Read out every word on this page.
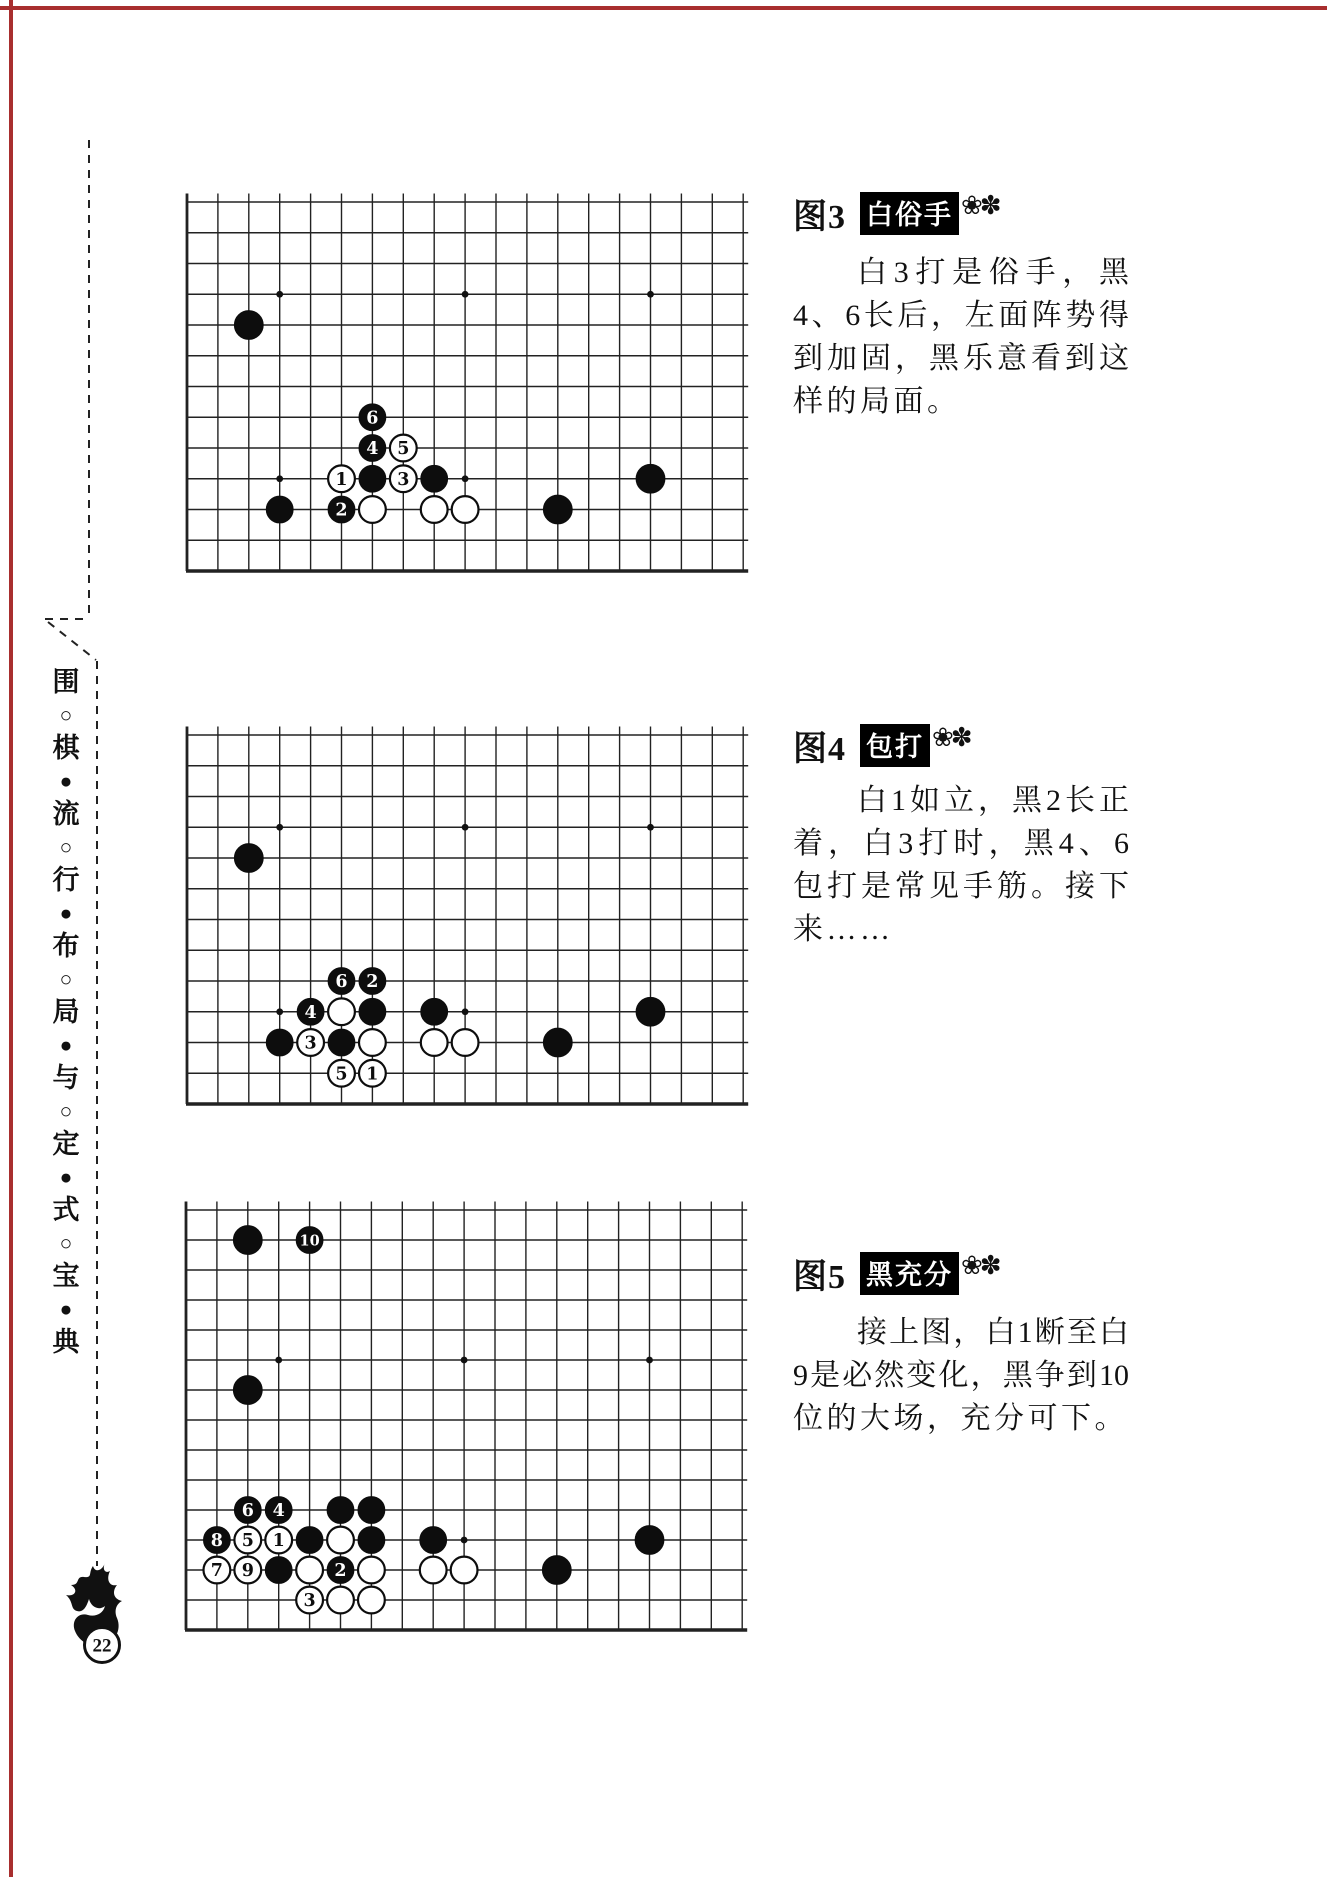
围
○
棋
●
流
○
行
●
布
○
局
●
与
○
定
●
式
○
宝
●
典
图3 白俗手 ❀✽
白3打是俗手，黑
4、6长后，左面阵势得
到加固，黑乐意看到这
样的局面。
图4 包打 ❀✽
白1如立，黑2长正
着，白3打时，黑4、6
包打是常见手筋。接下
来……
图5 黑充分 ❀✽
接上图，白1断至白
9是必然变化，黑争到10
位的大场，充分可下。
22
1
2
3
4 5
6
1
2
3
4
5
6
1
2
3
4
5
6
7
8
9
10
